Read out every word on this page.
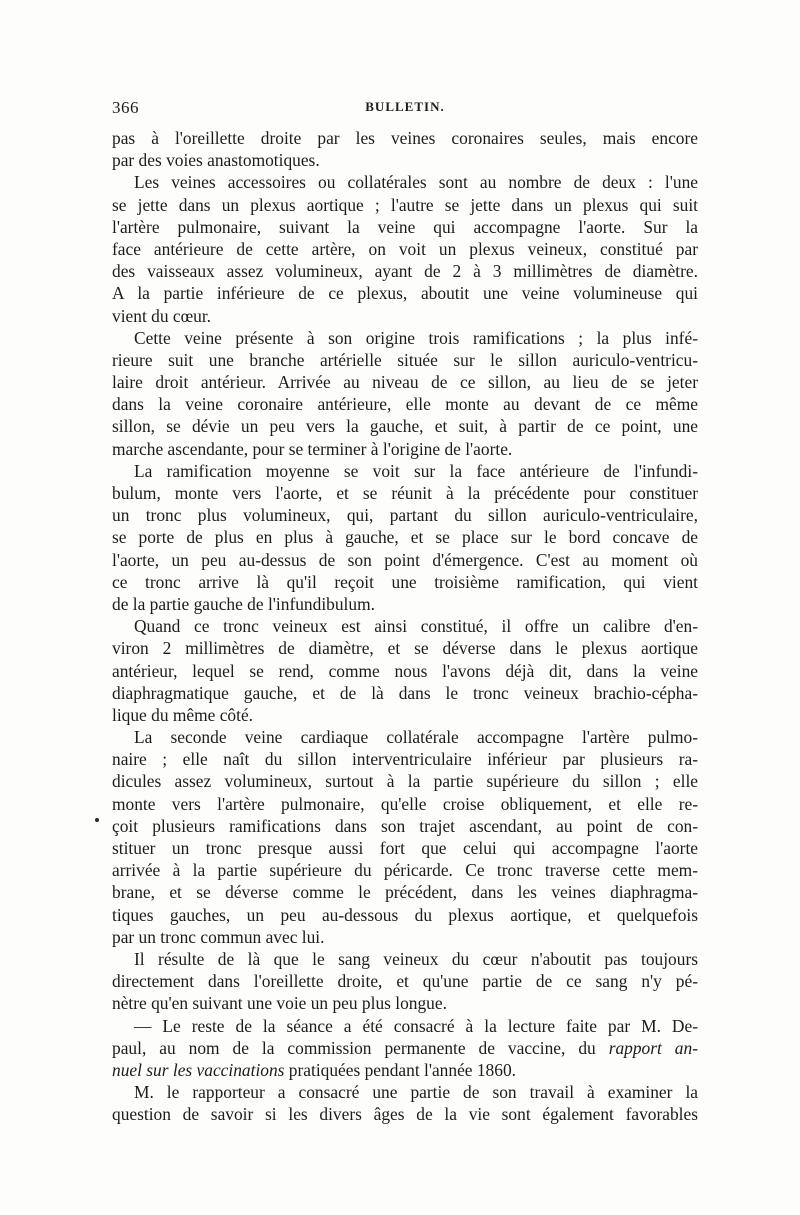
366	BULLETIN.
pas à l'oreillette droite par les veines coronaires seules, mais encore
par des voies anastomotiques.
Les veines accessoires ou collatérales sont au nombre de deux : l'une
se jette dans un plexus aortique ; l'autre se jette dans un plexus qui suit
l'artère pulmonaire, suivant la veine qui accompagne l'aorte. Sur la
face antérieure de cette artère, on voit un plexus veineux, constitué par
des vaisseaux assez volumineux, ayant de 2 à 3 millimètres de diamètre.
A la partie inférieure de ce plexus, aboutit une veine volumineuse qui
vient du cœur.
Cette veine présente à son origine trois ramifications ; la plus infé-
rieure suit une branche artérielle située sur le sillon auriculo-ventricu-
laire droit antérieur. Arrivée au niveau de ce sillon, au lieu de se jeter
dans la veine coronaire antérieure, elle monte au devant de ce même
sillon, se dévie un peu vers la gauche, et suit, à partir de ce point, une
marche ascendante, pour se terminer à l'origine de l'aorte.
La ramification moyenne se voit sur la face antérieure de l'infundi-
bulum, monte vers l'aorte, et se réunit à la précédente pour constituer
un tronc plus volumineux, qui, partant du sillon auriculo-ventriculaire,
se porte de plus en plus à gauche, et se place sur le bord concave de
l'aorte, un peu au-dessus de son point d'émergence. C'est au moment où
ce tronc arrive là qu'il reçoit une troisième ramification, qui vient
de la partie gauche de l'infundibulum.
Quand ce tronc veineux est ainsi constitué, il offre un calibre d'en-
viron 2 millimètres de diamètre, et se déverse dans le plexus aortique
antérieur, lequel se rend, comme nous l'avons déjà dit, dans la veine
diaphragmatique gauche, et de là dans le tronc veineux brachio-cépha-
lique du même côté.
La seconde veine cardiaque collatérale accompagne l'artère pulmo-
naire ; elle naît du sillon interventriculaire inférieur par plusieurs ra-
dicules assez volumineux, surtout à la partie supérieure du sillon ; elle
monte vers l'artère pulmonaire, qu'elle croise obliquement, et elle re-
çoit plusieurs ramifications dans son trajet ascendant, au point de con-
stituer un tronc presque aussi fort que celui qui accompagne l'aorte
arrivée à la partie supérieure du péricarde. Ce tronc traverse cette mem-
brane, et se déverse comme le précédent, dans les veines diaphragma-
tiques gauches, un peu au-dessous du plexus aortique, et quelquefois
par un tronc commun avec lui.
Il résulte de là que le sang veineux du cœur n'aboutit pas toujours
directement dans l'oreillette droite, et qu'une partie de ce sang n'y pé-
nètre qu'en suivant une voie un peu plus longue.
— Le reste de la séance a été consacré à la lecture faite par M. De-
paul, au nom de la commission permanente de vaccine, du rapport an-
nuel sur les vaccinations pratiquées pendant l'année 1860.
M. le rapporteur a consacré une partie de son travail à examiner la
question de savoir si les divers âges de la vie sont également favorables
